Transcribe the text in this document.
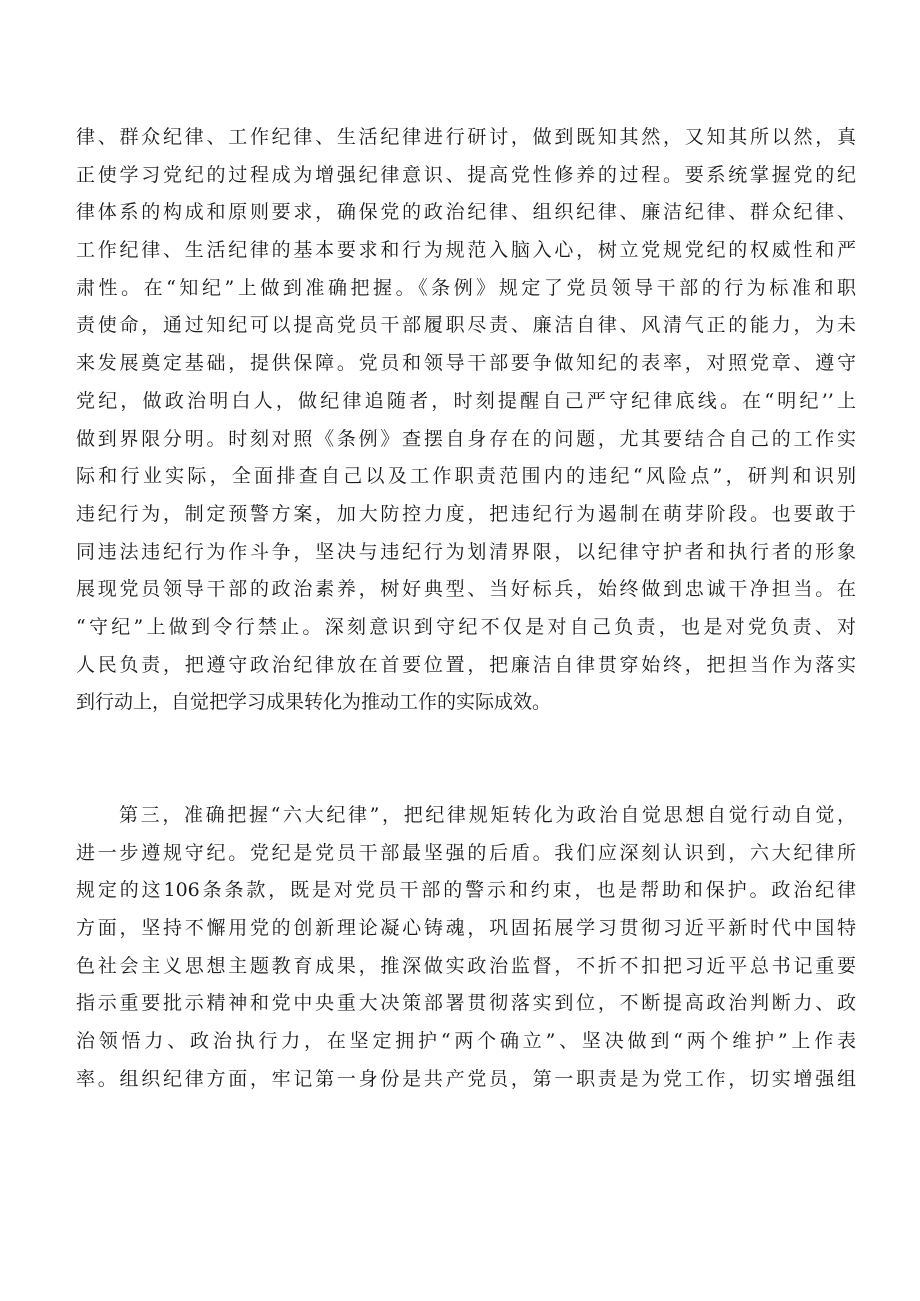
律、群众纪律、工作纪律、生活纪律进行研讨，做到既知其然，又知其所以然，真
正使学习党纪的过程成为增强纪律意识、提高党性修养的过程。要系统掌握党的纪
律体系的构成和原则要求，确保党的政治纪律、组织纪律、廉洁纪律、群众纪律、
工作纪律、生活纪律的基本要求和行为规范入脑入心，树立党规党纪的权威性和严
肃性。在“知纪”上做到准确把握。《条例》规定了党员领导干部的行为标准和职
责使命，通过知纪可以提高党员干部履职尽责、廉洁自律、风清气正的能力，为未
来发展奠定基础，提供保障。党员和领导干部要争做知纪的表率，对照党章、遵守
党纪，做政治明白人，做纪律追随者，时刻提醒自己严守纪律底线。在“明纪’’上
做到界限分明。时刻对照《条例》查摆自身存在的问题，尤其要结合自己的工作实
际和行业实际，全面排查自己以及工作职责范围内的违纪“风险点”，研判和识别
违纪行为，制定预警方案，加大防控力度，把违纪行为遏制在萌芽阶段。也要敢于
同违法违纪行为作斗争，坚决与违纪行为划清界限，以纪律守护者和执行者的形象
展现党员领导干部的政治素养，树好典型、当好标兵，始终做到忠诚干净担当。在
“守纪”上做到令行禁止。深刻意识到守纪不仅是对自己负责，也是对党负责、对
人民负责，把遵守政治纪律放在首要位置，把廉洁自律贯穿始终，把担当作为落实
到行动上，自觉把学习成果转化为推动工作的实际成效。
第三，准确把握“六大纪律”，把纪律规矩转化为政治自觉思想自觉行动自觉，
进一步遵规守纪。党纪是党员干部最坚强的后盾。我们应深刻认识到，六大纪律所
规定的这106条条款，既是对党员干部的警示和约束，也是帮助和保护。政治纪律
方面，坚持不懈用党的创新理论凝心铸魂，巩固拓展学习贯彻习近平新时代中国特
色社会主义思想主题教育成果，推深做实政治监督，不折不扣把习近平总书记重要
指示重要批示精神和党中央重大决策部署贯彻落实到位，不断提高政治判断力、政
治领悟力、政治执行力，在坚定拥护“两个确立”、坚决做到“两个维护”上作表
率。组织纪律方面，牢记第一身份是共产党员，第一职责是为党工作，切实增强组
